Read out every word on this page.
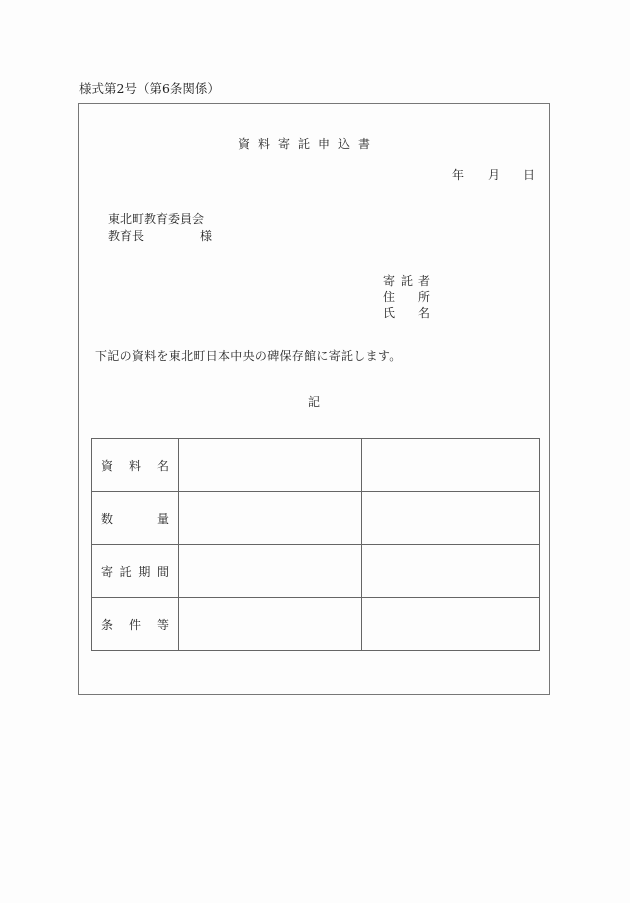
様式第2号（第6条関係）
資料寄託申込書
年 月 日
東北町教育委員会
教育長	様
寄 託 者
住 所
氏 名
下記の資料を東北町日本中央の碑保存館に寄託します。
記
資 料 名		

数 量		

寄 託 期 間		

条 件 等		
